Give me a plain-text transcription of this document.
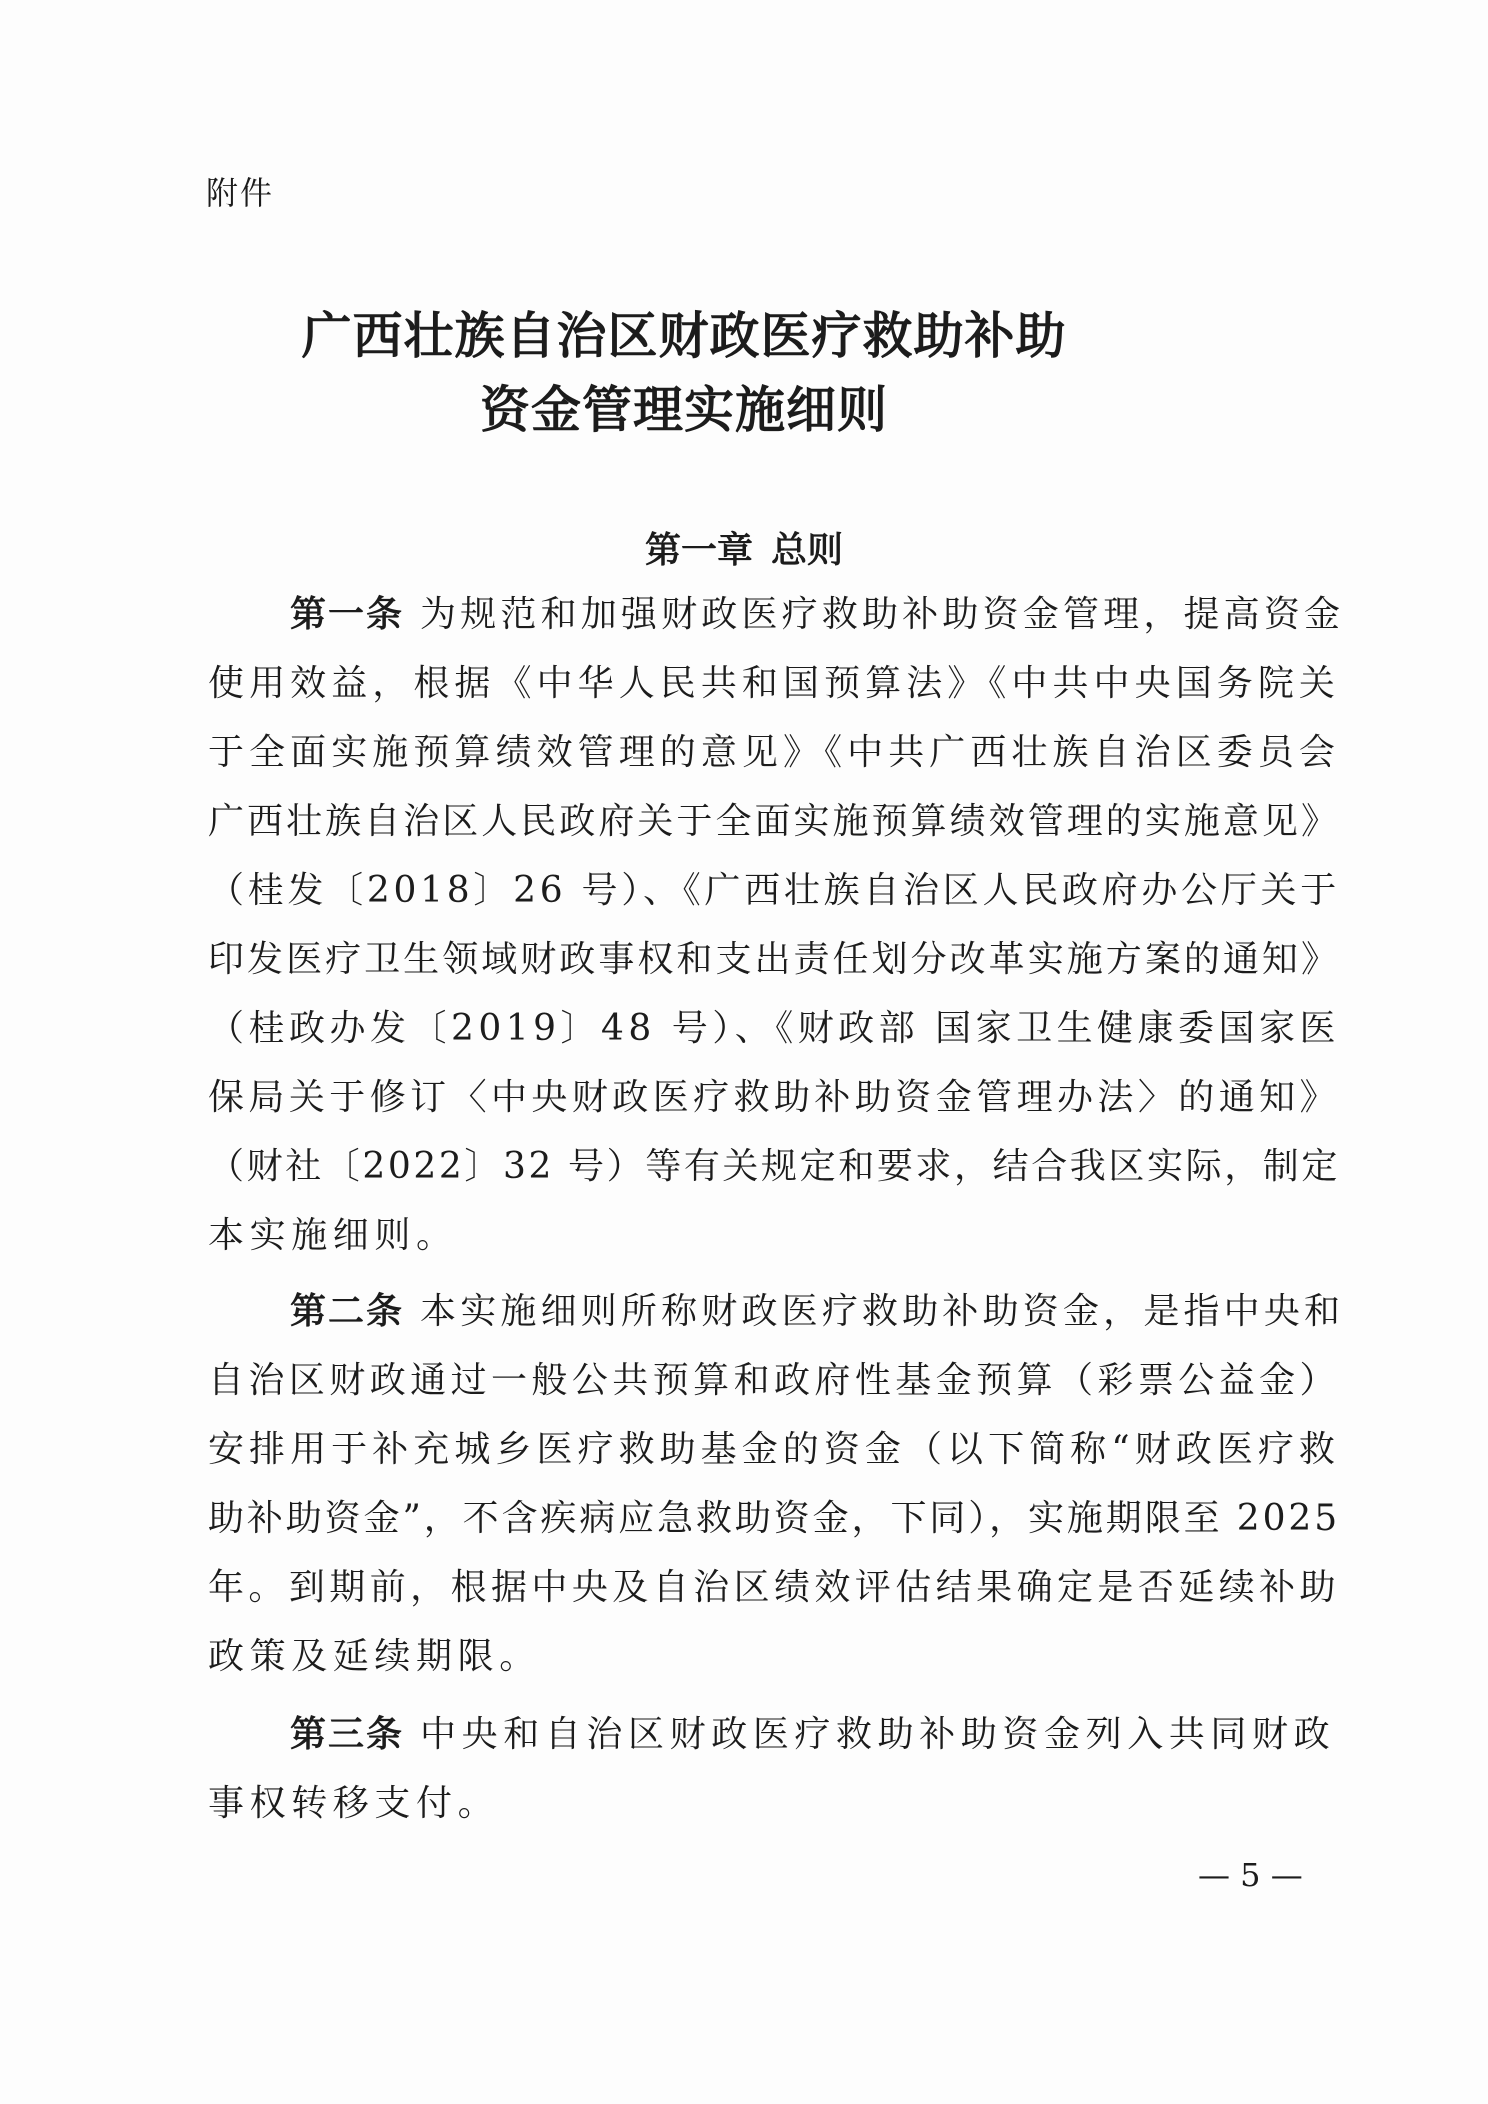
附件
广西壮族自治区财政医疗救助补助
资金管理实施细则
第一章 总则
第一条 为规范和加强财政医疗救助补助资金管理，提高资金
使用效益，根据《中华人民共和国预算法》《中共中央国务院关
于全面实施预算绩效管理的意见》《中共广西壮族自治区委员会
广西壮族自治区人民政府关于全面实施预算绩效管理的实施意见》
（桂发〔2018〕26 号）、《广西壮族自治区人民政府办公厅关于
印发医疗卫生领域财政事权和支出责任划分改革实施方案的通知》
（桂政办发〔2019〕48 号）、《财政部 国家卫生健康委国家医
保局关于修订〈中央财政医疗救助补助资金管理办法〉的通知》
（财社〔2022〕32 号）等有关规定和要求，结合我区实际，制定
本实施细则。
第二条 本实施细则所称财政医疗救助补助资金，是指中央和
自治区财政通过一般公共预算和政府性基金预算（彩票公益金）
安排用于补充城乡医疗救助基金的资金（以下简称“财政医疗救
助补助资金”，不含疾病应急救助资金，下同），实施期限至 2025
年。到期前，根据中央及自治区绩效评估结果确定是否延续补助
政策及延续期限。
第三条 中央和自治区财政医疗救助补助资金列入共同财政
事权转移支付。
— 5 —
